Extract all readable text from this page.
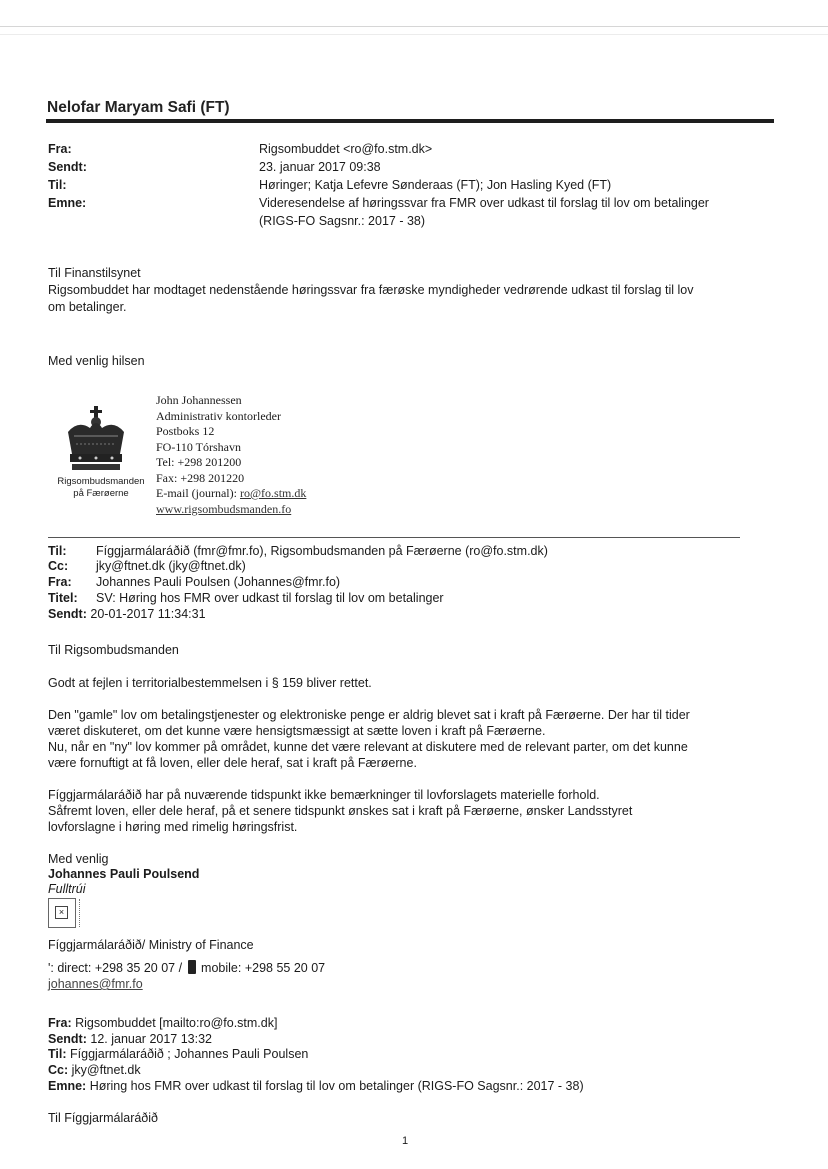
Nelofar Maryam Safi (FT)
Fra:	Rigsombuddet <ro@fo.stm.dk>
Sendt:	23. januar 2017 09:38
Til:	Høringer; Katja Lefevre Sønderaas (FT); Jon Hasling Kyed (FT)
Emne:	Videresendelse af høringssvar fra FMR over udkast til forslag til lov om betalinger
(RIGS-FO Sagsnr.: 2017 - 38)
Til Finanstilsynet
Rigsombuddet har modtaget nedenstående høringssvar fra færøske myndigheder vedrørende udkast til forslag til lov
om betalinger.
Med venlig hilsen
Rigsombudsmanden
på Færøerne
John Johannessen
Administrativ kontorleder
Postboks 12
FO-110 Tórshavn
Tel: +298 201200
Fax: +298 201220
E-mail (journal): ro@fo.stm.dk
www.rigsombudsmanden.fo
Til: Fíggjarmálaráðið (fmr@fmr.fo), Rigsombudsmanden på Færøerne (ro@fo.stm.dk)
Cc: jky@ftnet.dk (jky@ftnet.dk)
Fra: Johannes Pauli Poulsen (Johannes@fmr.fo)
Titel: SV: Høring hos FMR over udkast til forslag til lov om betalinger
Sendt: 20-01-2017 11:34:31
Til Rigsombudsmanden
Godt at fejlen i territorialbestemmelsen i § 159 bliver rettet.
Den "gamle" lov om betalingstjenester og elektroniske penge er aldrig blevet sat i kraft på Færøerne. Der har til tider
været diskuteret, om det kunne være hensigtsmæssigt at sætte loven i kraft på Færøerne.
Nu, når en "ny" lov kommer på området, kunne det være relevant at diskutere med de relevant parter, om det kunne
være fornuftigt at få loven, eller dele heraf, sat i kraft på Færøerne.
Fíggjarmálaráðið har på nuværende tidspunkt ikke bemærkninger til lovforslagets materielle forhold.
Såfremt loven, eller dele heraf, på et senere tidspunkt ønskes sat i kraft på Færøerne, ønsker Landsstyret
lovforslagne i høring med rimelig høringsfrist.
Med venlig
Johannes Pauli Poulsend
Fulltrúi
×
Fíggjarmálaráðið/ Ministry of Finance
': direct: +298 35 20 07 / mobile: +298 55 20 07
johannes@fmr.fo
Fra: Rigsombuddet [mailto:ro@fo.stm.dk]
Sendt: 12. januar 2017 13:32
Til: Fíggjarmálaráðið ; Johannes Pauli Poulsen
Cc: jky@ftnet.dk
Emne: Høring hos FMR over udkast til forslag til lov om betalinger (RIGS-FO Sagsnr.: 2017 - 38)
Til Fíggjarmálaráðið
1
